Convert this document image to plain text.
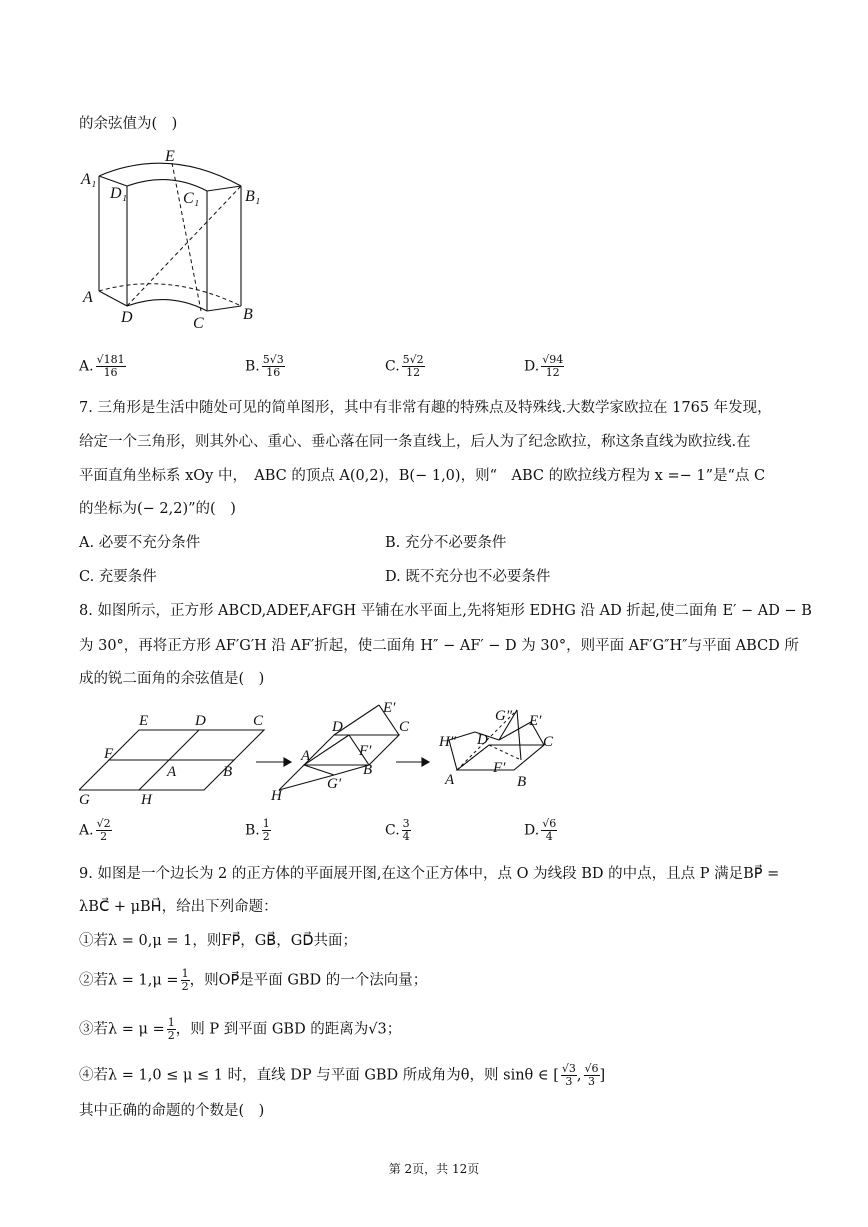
的余弦值为(　)
E
A₁
D₁	C₁	B₁
A
D	C
B
A. $\frac{√181}{16}$	B. $\frac{5√3}{16}$	C. $\frac{5√2}{12}$	D. $\frac{√94}{12}$
7. 三角形是生活中随处可见的简单图形，其中有非常有趣的特殊点及特殊线.大数学家欧拉在 1765 年发现，
给定一个三角形，则其外心、重心、垂心落在同一条直线上，后人为了纪念欧拉，称这条直线为欧拉线.在
平面直角坐标系 xOy 中，　ABC 的顶点 A(0,2)，B(− 1,0)，则“　ABC 的欧拉线方程为 x =− 1”是“点 C
的坐标为(− 2,2)”的(　)
A. 必要不充分条件	B. 充分不必要条件
C. 充要条件	D. 既不充分也不必要条件
8. 如图所示，正方形 ABCD,ADEF,AFGH 平铺在水平面上,先将矩形 EDHG 沿 AD 折起,使二面角 E′ − AD − B
为 30°，再将正方形 AF′G′H 沿 AF′折起，使二面角 H″ − AF′ − D 为 30°，则平面 AF′G″H″与平面 ABCD 所
成的锐二面角的余弦值是(　)
E	D	C
F
A	B
G	H
E′
D	C
A	F′
B
G′
H
G″ E′
H″ D	C
F′
A	B
A. $\frac{√2}{2}$	B. $\frac{1}{2}$	C. $\frac{3}{4}$	D. $\frac{√6}{4}$
9. 如图是一个边长为 2 的正方体的平面展开图,在这个正方体中，点 O 为线段 BD 的中点，且点 P 满足BP⃗ =
λBC⃗ + μBH⃗，给出下列命题：
①若λ = 0,μ = 1，则FP⃗，GB⃗，GD⃗共面；
②若$\lambda = 1,\mu = \frac{1}{2}$ ，则OP⃗是平面 GBD 的一个法向量；
③若$\lambda = \mu = \frac{1}{2}$ ，则 P 到平面 GBD 的距离为√3；
④若λ = 1,0 ≤ μ ≤ 1 时，直线 DP 与平面 GBD 所成角为θ，则 sinθ ∈ [ $\frac{√3}{3}$ , $\frac{√6}{3}$ ]
其中正确的命题的个数是(　)
第 2页，共 12页
